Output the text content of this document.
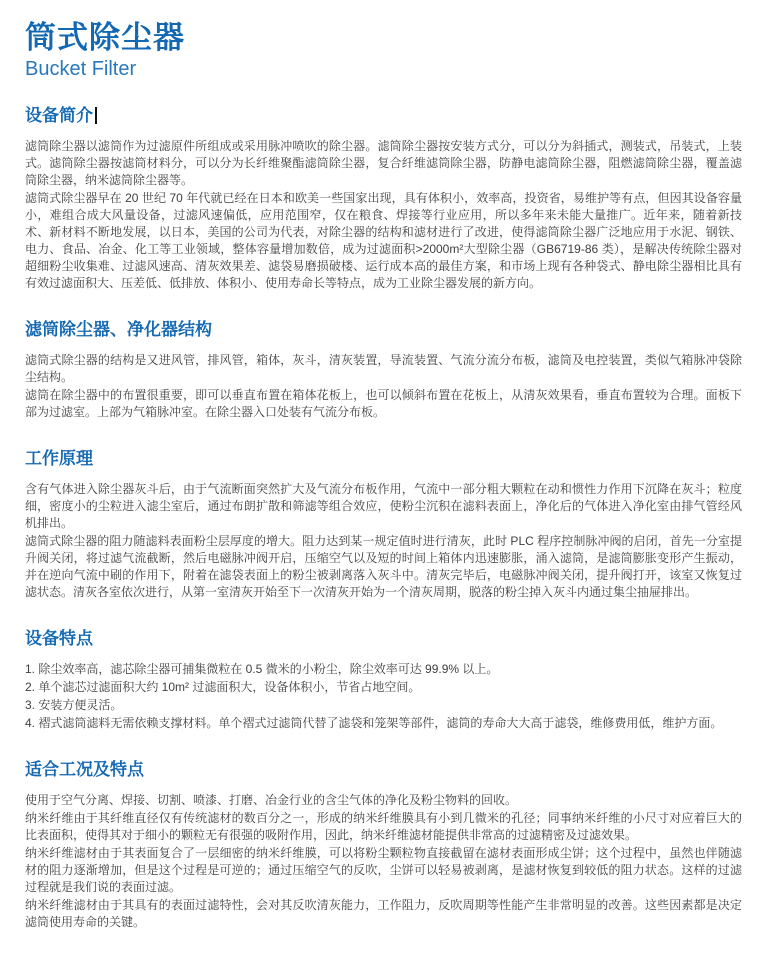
筒式除尘器
Bucket Filter
设备简介

滤筒除尘器以滤筒作为过滤原件所组成或采用脉冲喷吹的除尘器。滤筒除尘器按安装方式分，可以分为斜插式，测装式，吊装式，上装式。滤筒除尘器按滤筒材料分，可以分为长纤维聚酯滤筒除尘器，复合纤维滤筒除尘器，防静电滤筒除尘器，阻燃滤筒除尘器，覆盖滤筒除尘器，纳米滤筒除尘器等。

滤筒式除尘器早在 20 世纪 70 年代就已经在日本和欧美一些国家出现，具有体积小，效率高，投资省，易维护等有点，但因其设备容量小，难组合成大风量设备，过滤风速偏低，应用范围窄，仅在粮食、焊接等行业应用，所以多年来未能大量推广。近年来，随着新技术、新材料不断地发展，以日本，美国的公司为代表，对除尘器的结构和滤材进行了改进，使得滤筒除尘器广泛地应用于水泥、钢铁、电力、食品、冶金、化工等工业领域，整体容量增加数倍，成为过滤面积>2000m²大型除尘器（GB6719-86 类），是解决传统除尘器对超细粉尘收集难、过滤风速高、清灰效果差、滤袋易磨损破楼、运行成本高的最佳方案，和市场上现有各种袋式、静电除尘器相比具有有效过滤面积大、压差低、低排放、体积小、使用寿命长等特点，成为工业除尘器发展的新方向。

滤筒除尘器、净化器结构

滤筒式除尘器的结构是又进风管，排风管，箱体，灰斗，清灰装置，导流装置、气流分流分布板，滤筒及电控装置，类似气箱脉冲袋除尘结构。

滤筒在除尘器中的布置很重要，即可以垂直布置在箱体花板上，也可以倾斜布置在花板上，从清灰效果看，垂直布置较为合理。面板下部为过滤室。上部为气箱脉冲室。在除尘器入口处装有气流分布板。

工作原理

含有气体进入除尘器灰斗后，由于气流断面突然扩大及气流分布板作用，气流中一部分粗大颗粒在动和惯性力作用下沉降在灰斗；粒度细，密度小的尘粒进入滤尘室后，通过布朗扩散和筛滤等组合效应，使粉尘沉积在滤料表面上，净化后的气体进入净化室由排气管经风机排出。

滤筒式除尘器的阻力随滤料表面粉尘层厚度的增大。阻力达到某一规定值时进行清灰，此时 PLC 程序控制脉冲阀的启闭，首先一分室提升阀关闭，将过滤气流截断，然后电磁脉冲阀开启，压缩空气以及短的时间上箱体内迅速膨胀，涌入滤筒，是滤筒膨胀变形产生振动，并在逆向气流中刷的作用下，附着在滤袋表面上的粉尘被剥离落入灰斗中。清灰完毕后，电磁脉冲阀关闭，提升阀打开，该室又恢复过滤状态。清灰各室依次进行，从第一室清灰开始至下一次清灰开始为一个清灰周期，脱落的粉尘掉入灰斗内通过集尘抽屉排出。

设备特点

1. 除尘效率高，滤芯除尘器可捕集微粒在 0.5 微米的小粉尘，除尘效率可达 99.9% 以上。

2. 单个滤芯过滤面积大约 10m² 过滤面积大，设备体积小，节省占地空间。

3. 安装方便灵活。

4. 褶式滤筒滤料无需依赖支撑材料。单个褶式过滤筒代替了滤袋和笼架等部件，滤筒的寿命大大高于滤袋，维修费用低，维护方面。

适合工况及特点

使用于空气分离、焊接、切割、喷漆、打磨、冶金行业的含尘气体的净化及粉尘物料的回收。

纳米纤维由于其纤维直径仅有传统滤材的数百分之一，形成的纳米纤维膜具有小到几微米的孔径；同事纳米纤维的小尺寸对应着巨大的比表面积，使得其对于细小的颗粒无有很强的吸附作用，因此，纳米纤维滤材能提供非常高的过滤精密及过滤效果。

纳米纤维滤材由于其表面复合了一层细密的纳米纤维膜，可以将粉尘颗粒物直接截留在滤材表面形成尘饼；这个过程中，虽然也伴随滤材的阻力逐渐增加，但是这个过程是可逆的；通过压缩空气的反吹，尘饼可以轻易被剥离，是滤材恢复到较低的阻力状态。这样的过滤过程就是我们说的表面过滤。

纳米纤维滤材由于其具有的表面过滤特性，会对其反吹清灰能力，工作阻力，反吹周期等性能产生非常明显的改善。这些因素都是决定滤筒使用寿命的关键。
